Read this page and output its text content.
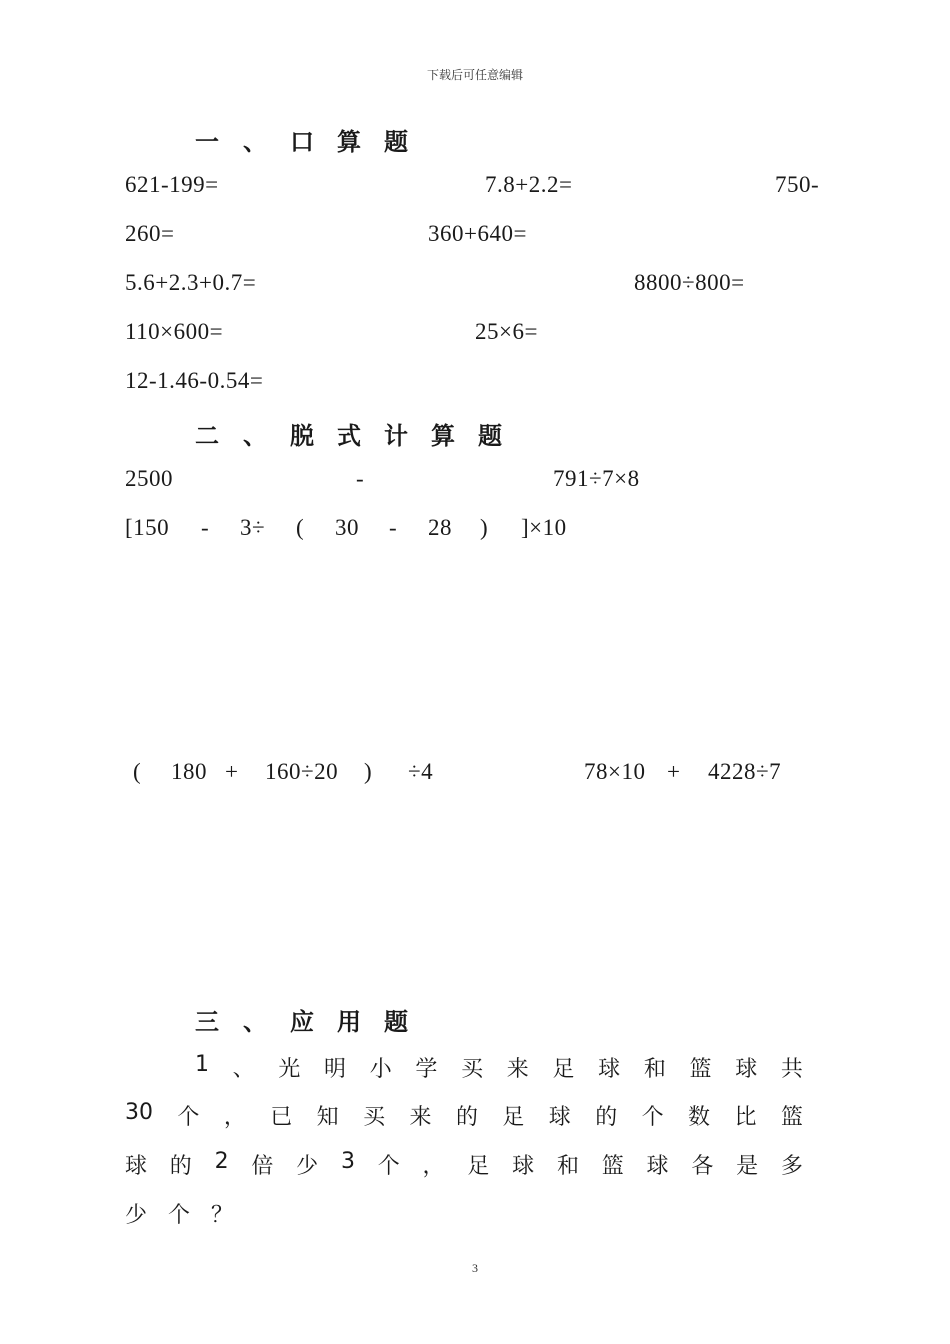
下载后可任意编辑
一 、 口 算 题
621-199=	7.8+2.2=	750-
260=	360+640=
5.6+2.3+0.7=	8800÷800=
110×600=	25×6=
12-1.46-0.54=
二 、 脱 式 计 算 题
2500	-	791÷7×8
[150 - 3÷ ( 30 - 28 ) ]×10
( 180 + 160÷20 ) ÷4	78×10 + 4228÷7
三 、 应 用 题
1 、 光 明 小 学 买 来 足 球 和 篮 球 共
30 个 ， 已 知 买 来 的 足 球 的 个 数 比 篮
球 的 2 倍 少 3 个 ， 足 球 和 篮 球 各 是 多
少 个 ？
3
